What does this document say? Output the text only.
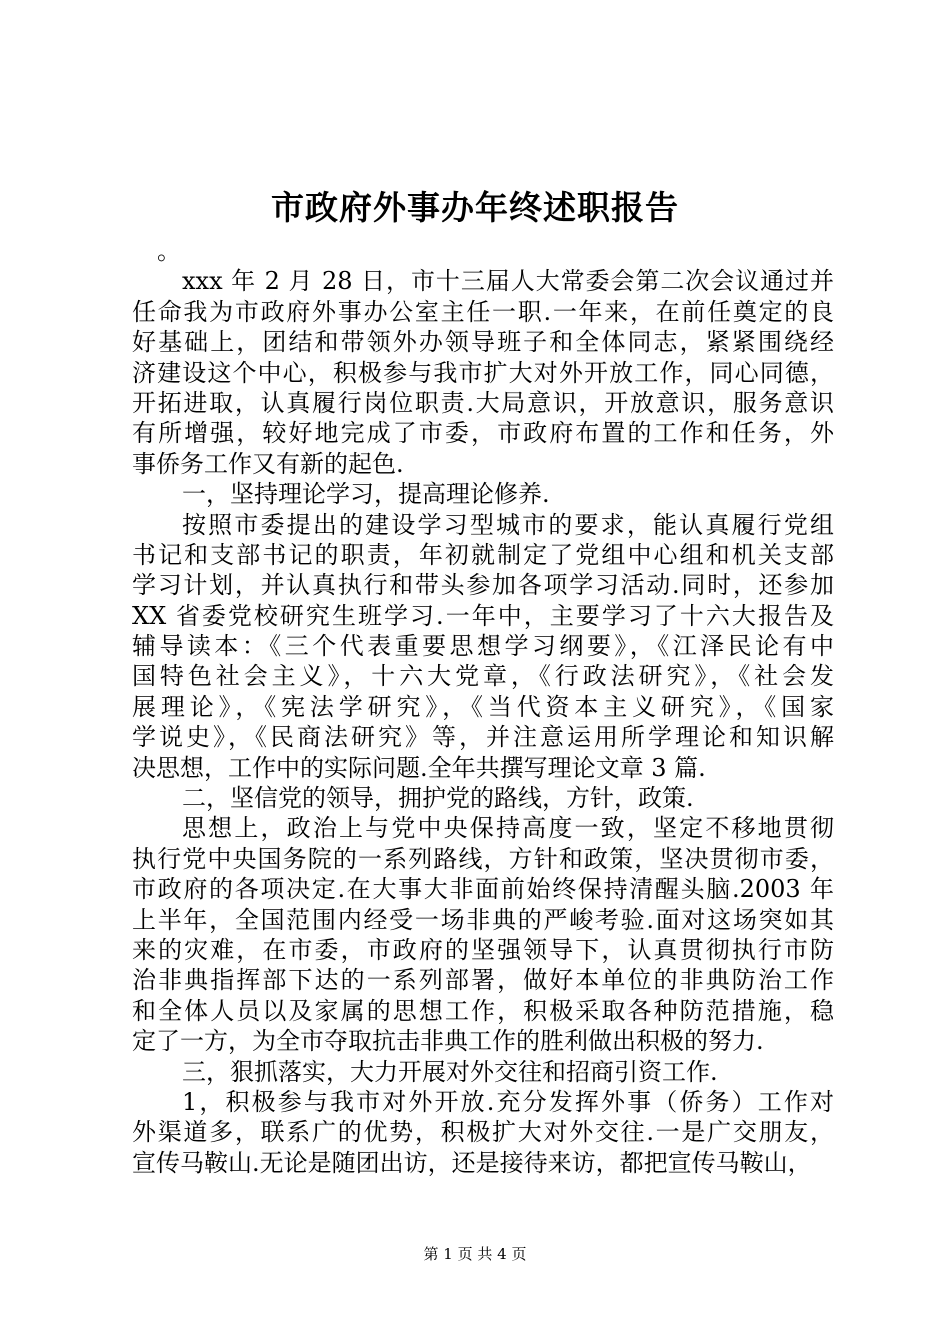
市政府外事办年终述职报告
。
xxx 年 2 月 28 日，市十三届人大常委会第二次会议通过并
任命我为市政府外事办公室主任一职.一年来，在前任奠定的良
好基础上，团结和带领外办领导班子和全体同志，紧紧围绕经
济建设这个中心，积极参与我市扩大对外开放工作，同心同德，
开拓进取，认真履行岗位职责.大局意识，开放意识，服务意识
有所增强，较好地完成了市委，市政府布置的工作和任务，外
事侨务工作又有新的起色.
一，坚持理论学习，提高理论修养.
按照市委提出的建设学习型城市的要求，能认真履行党组
书记和支部书记的职责，年初就制定了党组中心组和机关支部
学习计划，并认真执行和带头参加各项学习活动.同时，还参加
XX 省委党校研究生班学习.一年中，主要学习了十六大报告及
辅导读本：《三个代表重要思想学习纲要》，《江泽民论有中
国特色社会主义》，十六大党章，《行政法研究》，《社会发
展理论》，《宪法学研究》，《当代资本主义研究》，《国家
学说史》，《民商法研究》等，并注意运用所学理论和知识解
决思想，工作中的实际问题.全年共撰写理论文章 3 篇.
二，坚信党的领导，拥护党的路线，方针，政策.
思想上，政治上与党中央保持高度一致，坚定不移地贯彻
执行党中央国务院的一系列路线，方针和政策，坚决贯彻市委，
市政府的各项决定.在大事大非面前始终保持清醒头脑.2003 年
上半年，全国范围内经受一场非典的严峻考验.面对这场突如其
来的灾难，在市委，市政府的坚强领导下，认真贯彻执行市防
治非典指挥部下达的一系列部署，做好本单位的非典防治工作
和全体人员以及家属的思想工作，积极采取各种防范措施，稳
定了一方，为全市夺取抗击非典工作的胜利做出积极的努力.
三，狠抓落实，大力开展对外交往和招商引资工作.
1，积极参与我市对外开放.充分发挥外事（侨务）工作对
外渠道多，联系广的优势，积极扩大对外交往.一是广交朋友，
宣传马鞍山.无论是随团出访，还是接待来访，都把宣传马鞍山，
第 1 页 共 4 页
